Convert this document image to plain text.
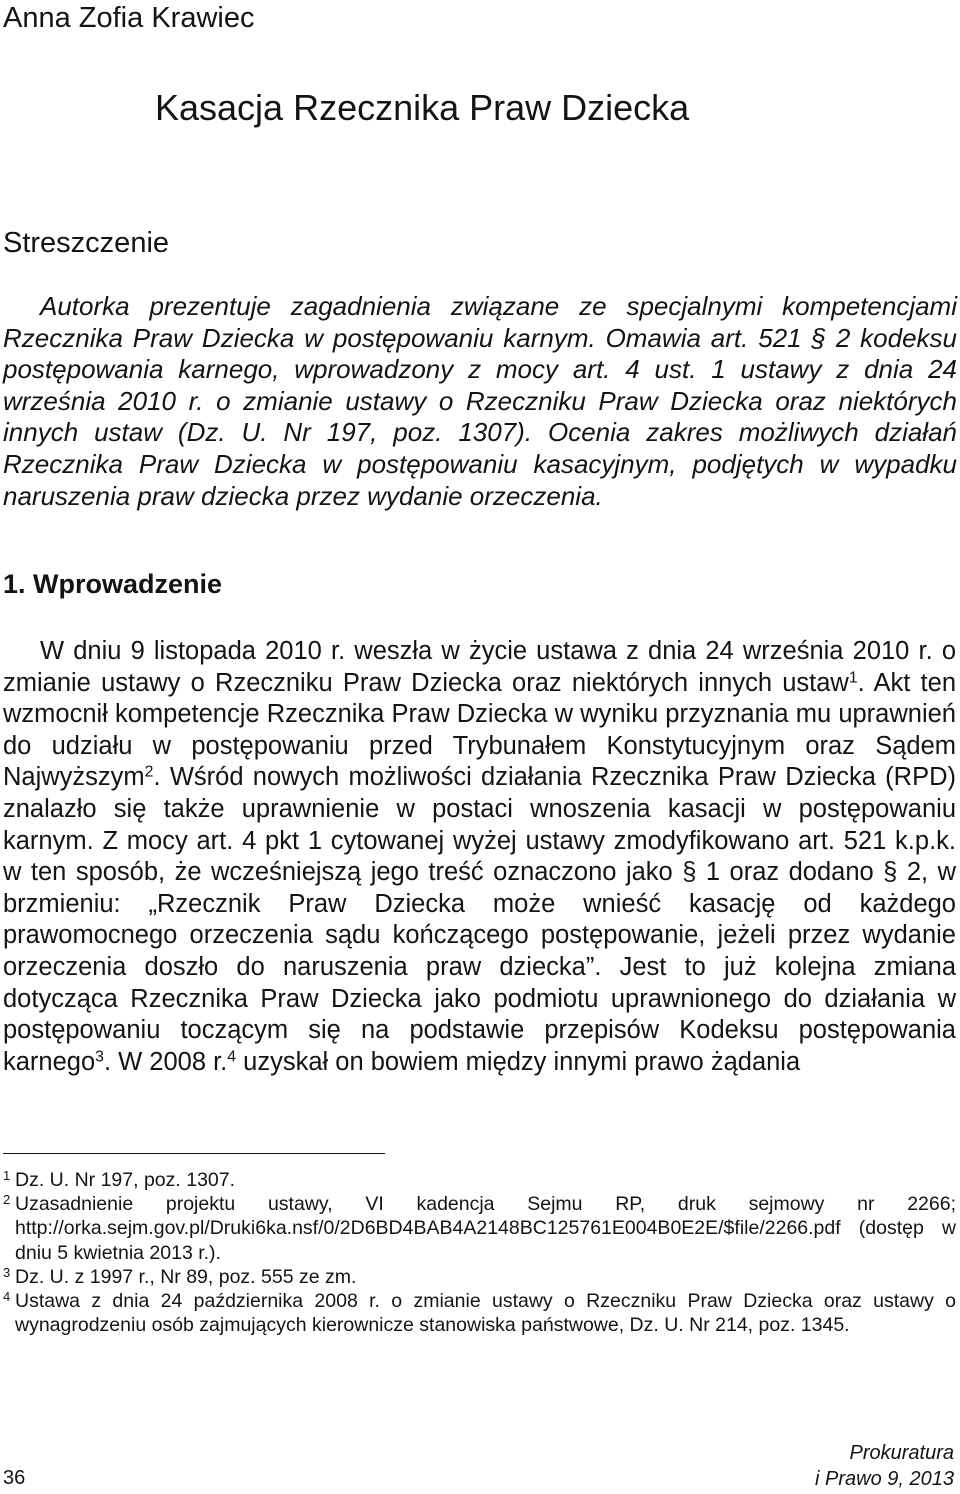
Anna Zofia Krawiec
Kasacja Rzecznika Praw Dziecka
Streszczenie

Autorka prezentuje zagadnienia związane ze specjalnymi kompetencjami Rzecznika Praw Dziecka w postępowaniu karnym. Omawia art. 521 § 2 kodeksu postępowania karnego, wprowadzony z mocy art. 4 ust. 1 ustawy z dnia 24 września 2010 r. o zmianie ustawy o Rzeczniku Praw Dziecka oraz niektórych innych ustaw (Dz. U. Nr 197, poz. 1307). Ocenia zakres możliwych działań Rzecznika Praw Dziecka w postępowaniu kasacyjnym, podjętych w wypadku naruszenia praw dziecka przez wydanie orzeczenia.

1. Wprowadzenie

W dniu 9 listopada 2010 r. weszła w życie ustawa z dnia 24 września 2010 r. o zmianie ustawy o Rzeczniku Praw Dziecka oraz niektórych innych ustaw$^1$. Akt ten wzmocnił kompetencje Rzecznika Praw Dziecka w wyniku przyznania mu uprawnień do udziału w postępowaniu przed Trybunałem Konstytucyjnym oraz Sądem Najwyższym$^2$. Wśród nowych możliwości działania Rzecznika Praw Dziecka (RPD) znalazło się także uprawnienie w postaci wnoszenia kasacji w postępowaniu karnym. Z mocy art. 4 pkt 1 cytowanej wyżej ustawy zmodyfikowano art. 521 k.p.k. w ten sposób, że wcześniejszą jego treść oznaczono jako § 1 oraz dodano § 2, w brzmieniu: „Rzecznik Praw Dziecka może wnieść kasację od każdego prawomocnego orzeczenia sądu kończącego postępowanie, jeżeli przez wydanie orzeczenia doszło do naruszenia praw dziecka”. Jest to już kolejna zmiana dotycząca Rzecznika Praw Dziecka jako podmiotu uprawnionego do działania w postępowaniu toczącym się na podstawie przepisów Kodeksu postępowania karnego$^3$. W 2008 r.$^4$ uzyskał on bowiem między innymi prawo żądania

1 Dz. U. Nr 197, poz. 1307.
2 Uzasadnienie projektu ustawy, VI kadencja Sejmu RP, druk sejmowy nr 2266; http://orka.sejm.gov.pl/Druki6ka.nsf/0/2D6BD4BAB4A2148BC125761E004B0E2E/$file/2266.pdf (dostęp w dniu 5 kwietnia 2013 r.).
3 Dz. U. z 1997 r., Nr 89, poz. 555 ze zm.
4 Ustawa z dnia 24 października 2008 r. o zmianie ustawy o Rzeczniku Praw Dziecka oraz ustawy o wynagrodzeniu osób zajmujących kierownicze stanowiska państwowe, Dz. U. Nr 214, poz. 1345.
36
Prokuratura
i Prawo 9, 2013
